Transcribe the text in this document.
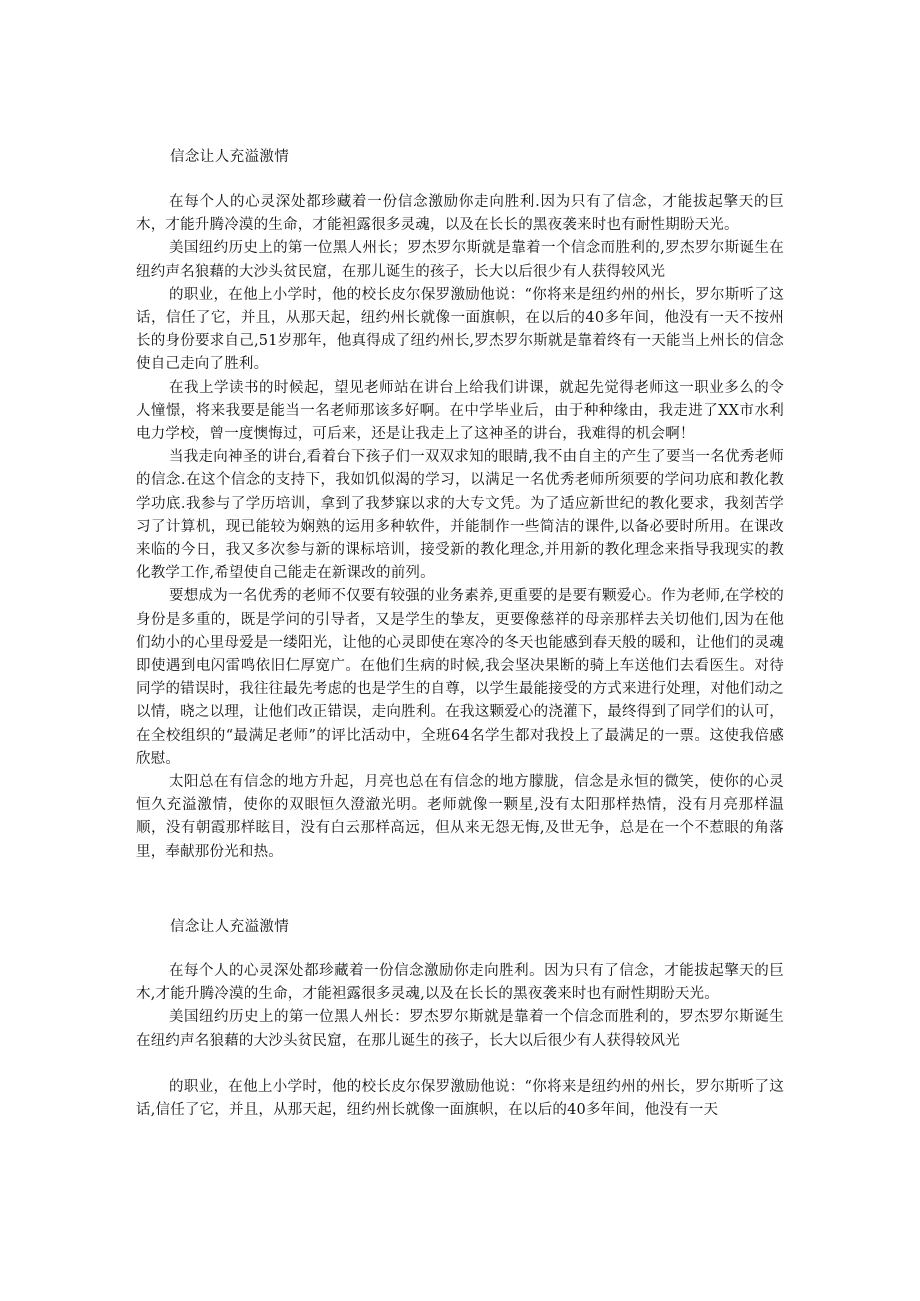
信念让人充溢激情

在每个人的心灵深处都珍藏着一份信念激励你走向胜利.因为只有了信念，才能拔起擎天的巨木，才能升腾冷漠的生命，才能袒露很多灵魂，以及在长长的黑夜袭来时也有耐性期盼天光。

美国纽约历史上的第一位黑人州长；罗杰罗尔斯就是靠着一个信念而胜利的,罗杰罗尔斯诞生在纽约声名狼藉的大沙头贫民窟，在那儿诞生的孩子，长大以后很少有人获得较风光

的职业，在他上小学时，他的校长皮尔保罗激励他说：“你将来是纽约州的州长，罗尔斯听了这话，信任了它，并且，从那天起，纽约州长就像一面旗帜，在以后的40多年间，他没有一天不按州长的身份要求自己,51岁那年，他真得成了纽约州长,罗杰罗尔斯就是靠着终有一天能当上州长的信念使自己走向了胜利。

在我上学读书的时候起，望见老师站在讲台上给我们讲课，就起先觉得老师这一职业多么的令人憧憬，将来我要是能当一名老师那该多好啊。在中学毕业后，由于种种缘由，我走进了XX市水利电力学校，曾一度懊悔过，可后来，还是让我走上了这神圣的讲台，我难得的机会啊！

当我走向神圣的讲台,看着台下孩子们一双双求知的眼睛,我不由自主的产生了要当一名优秀老师的信念.在这个信念的支持下，我如饥似渴的学习，以满足一名优秀老师所须要的学问功底和教化教学功底.我参与了学历培训，拿到了我梦寐以求的大专文凭。为了适应新世纪的教化要求，我刻苦学习了计算机，现已能较为娴熟的运用多种软件，并能制作一些简洁的课件,以备必要时所用。在课改来临的今日，我又多次参与新的课标培训，接受新的教化理念,并用新的教化理念来指导我现实的教化教学工作,希望使自己能走在新课改的前列。

要想成为一名优秀的老师不仅要有较强的业务素养,更重要的是要有颗爱心。作为老师,在学校的身份是多重的，既是学问的引导者，又是学生的挚友，更要像慈祥的母亲那样去关切他们,因为在他们幼小的心里母爱是一缕阳光，让他的心灵即使在寒冷的冬天也能感到春天般的暖和，让他们的灵魂即使遇到电闪雷鸣依旧仁厚宽广。在他们生病的时候,我会坚决果断的骑上车送他们去看医生。对待同学的错误时，我往往最先考虑的也是学生的自尊，以学生最能接受的方式来进行处理，对他们动之以情，晓之以理，让他们改正错误，走向胜利。在我这颗爱心的浇灌下，最终得到了同学们的认可，在全校组织的“最满足老师”的评比活动中，全班64名学生都对我投上了最满足的一票。这使我倍感欣慰。

太阳总在有信念的地方升起，月亮也总在有信念的地方朦胧，信念是永恒的微笑，使你的心灵恒久充溢激情，使你的双眼恒久澄澈光明。老师就像一颗星,没有太阳那样热情，没有月亮那样温顺，没有朝霞那样眩目，没有白云那样高远，但从来无怨无悔,及世无争，总是在一个不惹眼的角落里，奉献那份光和热。

信念让人充溢激情

在每个人的心灵深处都珍藏着一份信念激励你走向胜利。因为只有了信念，才能拔起擎天的巨木,才能升腾冷漠的生命，才能袒露很多灵魂,以及在长长的黑夜袭来时也有耐性期盼天光。

美国纽约历史上的第一位黑人州长：罗杰罗尔斯就是靠着一个信念而胜利的，罗杰罗尔斯诞生在纽约声名狼藉的大沙头贫民窟，在那儿诞生的孩子，长大以后很少有人获得较风光

的职业，在他上小学时，他的校长皮尔保罗激励他说：“你将来是纽约州的州长，罗尔斯听了这话,信任了它，并且，从那天起，纽约州长就像一面旗帜，在以后的40多年间，他没有一天
